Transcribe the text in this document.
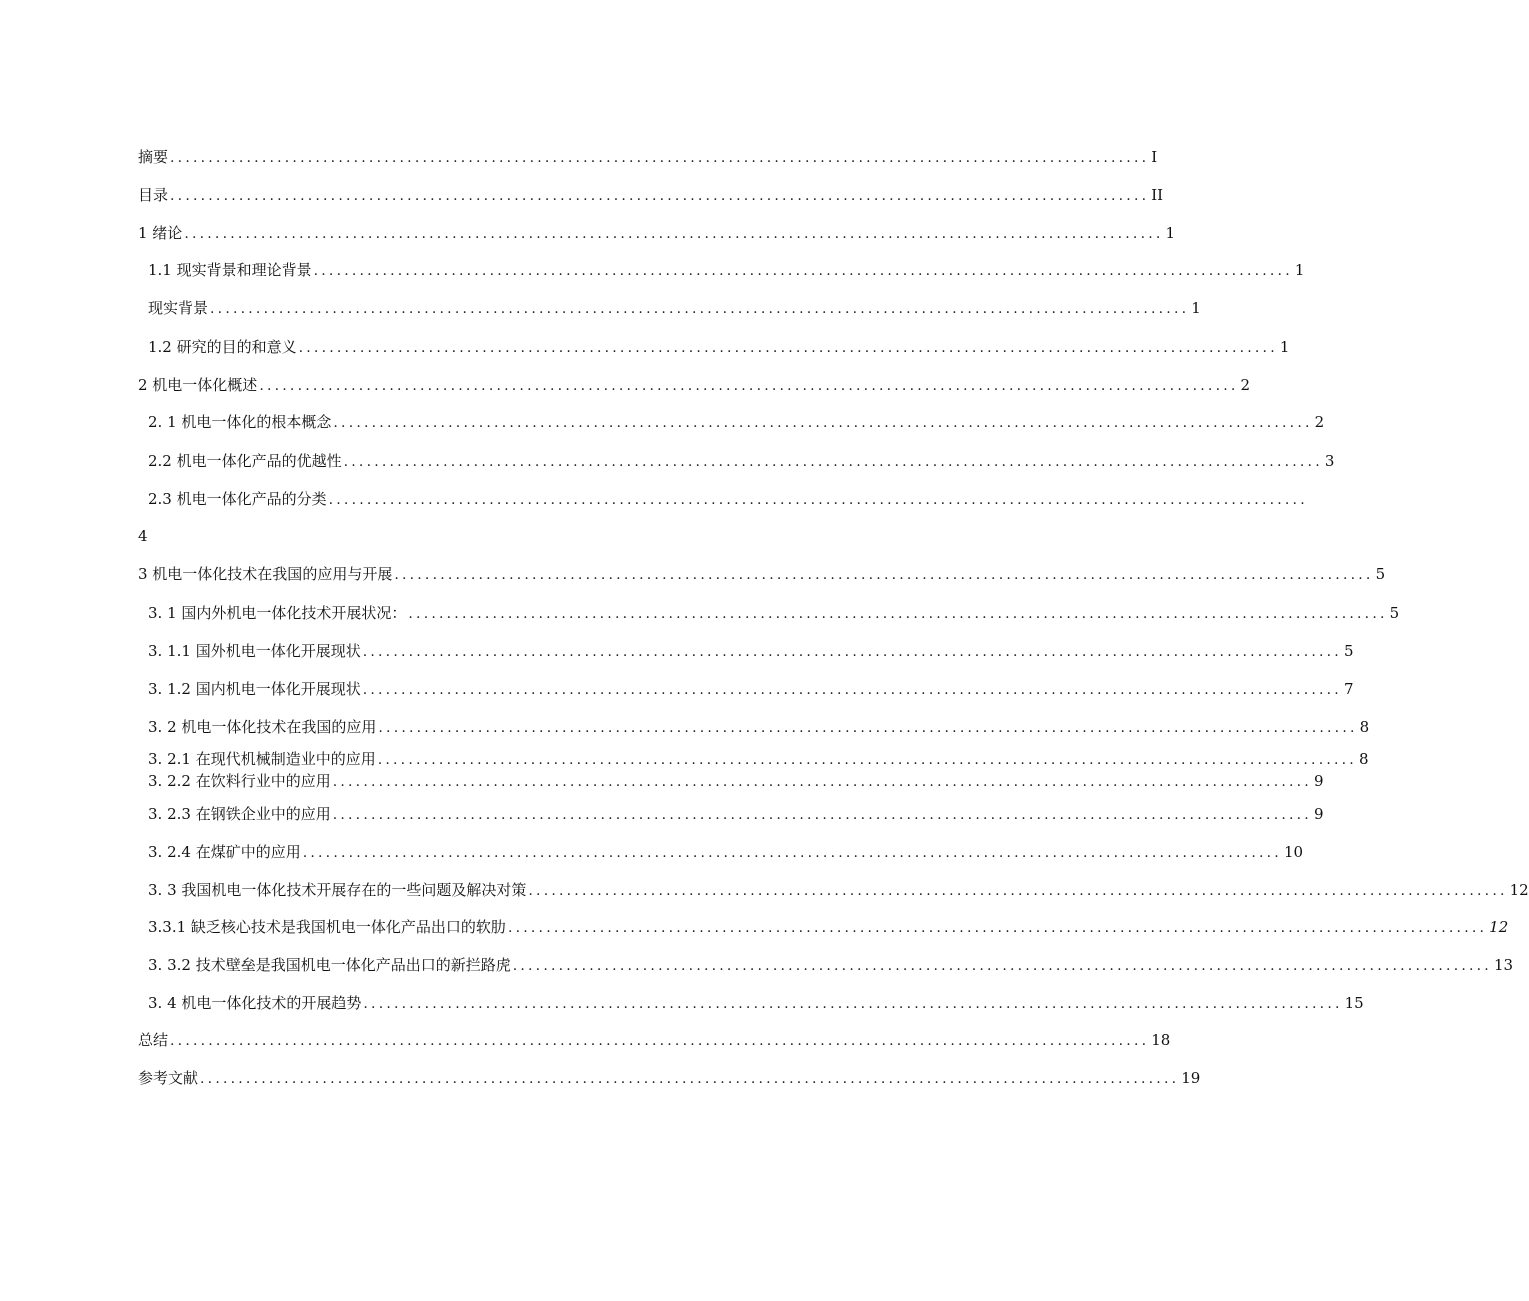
摘要 ................................................................................................................................ I
目录 ................................................................................................................................ II
1 绪论 ................................................................................................................................ 1
1.1 现实背景和理论背景 ................................................................................................................................ 1
现实背景 ................................................................................................................................ 1
1.2 研究的目的和意义 ................................................................................................................................ 1
2 机电一体化概述 ................................................................................................................................ 2
2. 1 机电一体化的根本概念 ................................................................................................................................ 2
2.2 机电一体化产品的优越性 ................................................................................................................................ 3
2.3 机电一体化产品的分类 ................................................................................................................................
4
3 机电一体化技术在我国的应用与开展 ................................................................................................................................ 5
3. 1 国内外机电一体化技术开展状况： ................................................................................................................................ 5
3. 1.1 国外机电一体化开展现状 ................................................................................................................................ 5
3. 1.2 国内机电一体化开展现状 ................................................................................................................................ 7
3. 2 机电一体化技术在我国的应用 ................................................................................................................................ 8
3. 2.1 在现代机械制造业中的应用 ................................................................................................................................ 8
3. 2.2 在饮料行业中的应用 ................................................................................................................................ 9
3. 2.3 在钢铁企业中的应用 ................................................................................................................................ 9
3. 2.4 在煤矿中的应用 ................................................................................................................................ 10
3. 3 我国机电一体化技术开展存在的一些问题及解决对策 ................................................................................................................................ 12
3.3.1 缺乏核心技术是我国机电一体化产品出口的软肋 ................................................................................................................................ 12
3. 3.2 技术壁垒是我国机电一体化产品出口的新拦路虎 ................................................................................................................................ 13
3. 4 机电一体化技术的开展趋势 ................................................................................................................................ 15
总结 ................................................................................................................................ 18
参考文献 ................................................................................................................................ 19
